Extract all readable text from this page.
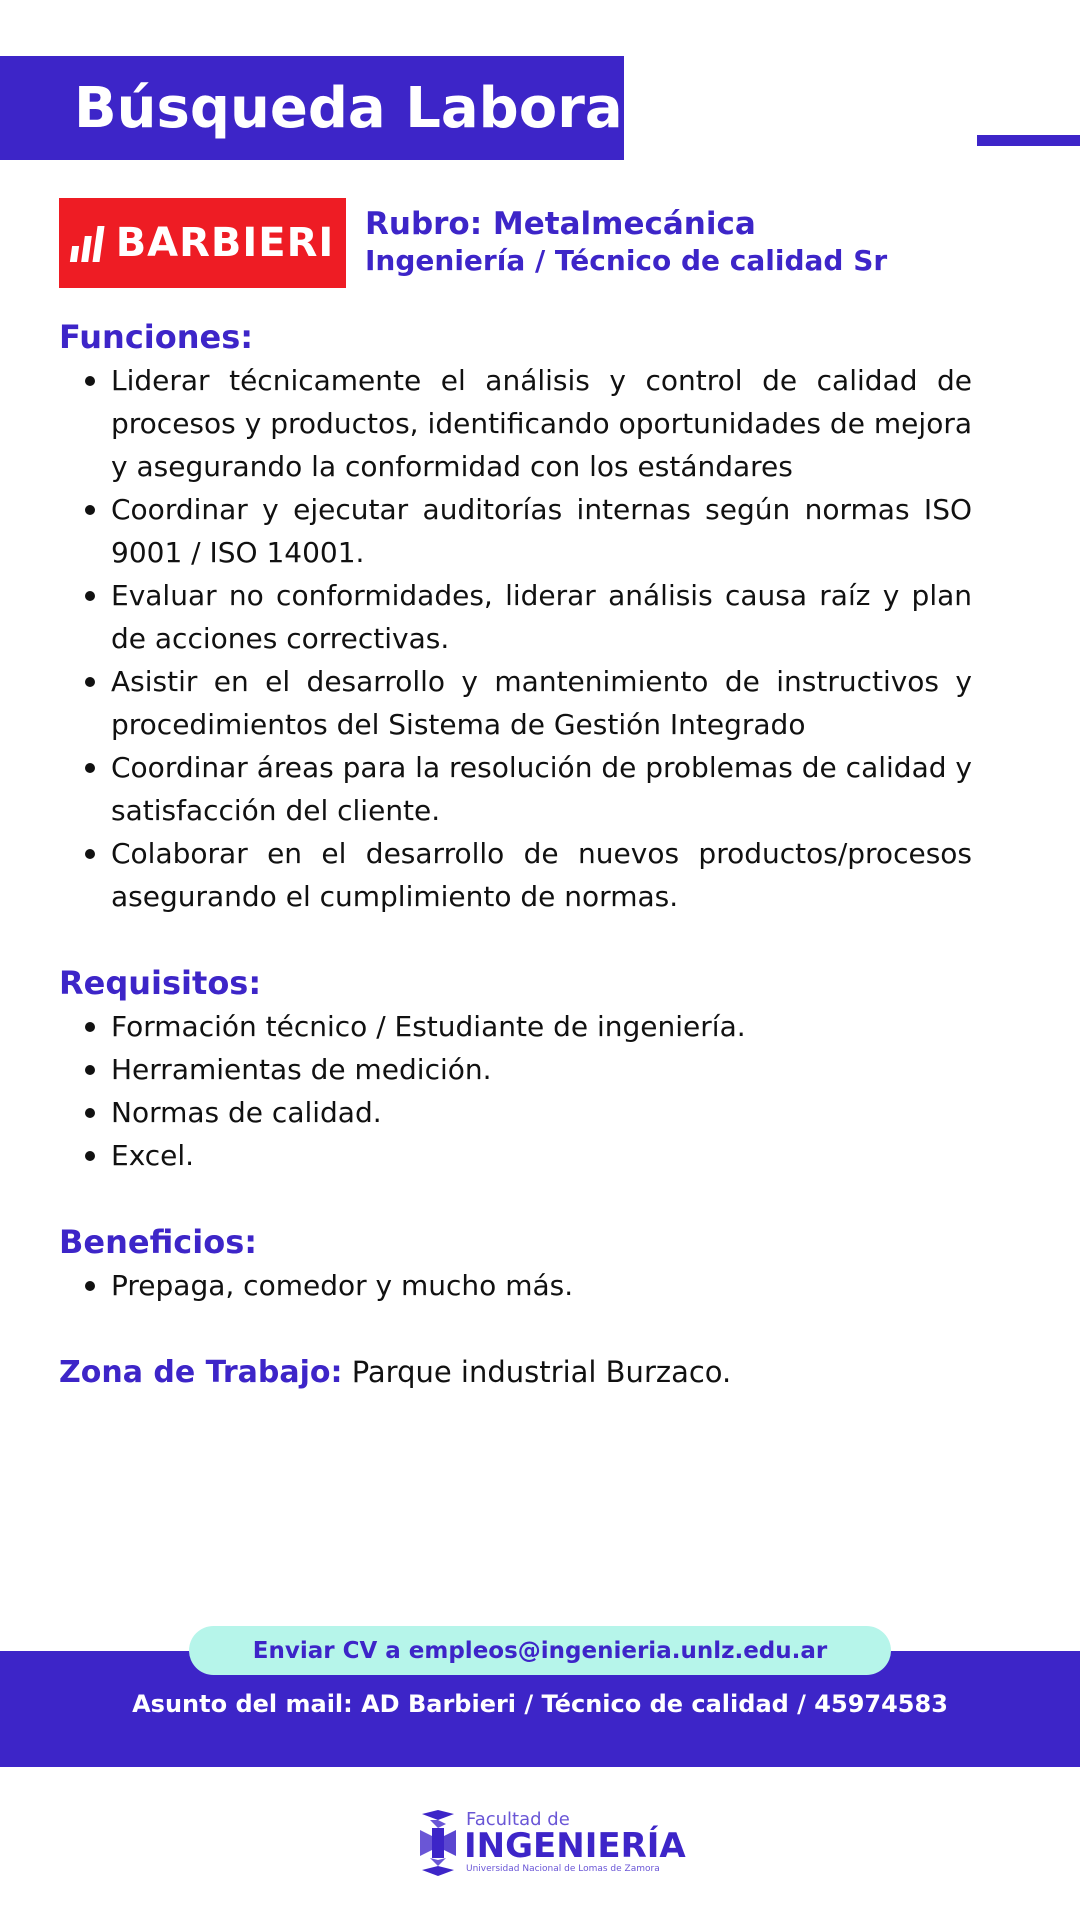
Búsqueda Laboral
BARBIERI Rubro: Metalmecánica
Ingeniería / Técnico de calidad Sr
Funciones:
Liderar técnicamente el análisis y control de calidad de procesos y productos, identificando oportunidades de mejora y asegurando la conformidad con los estándares
Coordinar y ejecutar auditorías internas según normas ISO 9001 / ISO 14001.
Evaluar no conformidades, liderar análisis causa raíz y plan de acciones correctivas.
Asistir en el desarrollo y mantenimiento de instructivos y procedimientos del Sistema de Gestión Integrado
Coordinar áreas para la resolución de problemas de calidad y satisfacción del cliente.
Colaborar en el desarrollo de nuevos productos/procesos asegurando el cumplimiento de normas.
Requisitos:
Formación técnico / Estudiante de ingeniería.
Herramientas de medición.
Normas de calidad.
Excel.
Beneficios:
Prepaga, comedor y mucho más.
Zona de Trabajo: Parque industrial Burzaco.
Enviar CV a empleos@ingenieria.unlz.edu.ar
Asunto del mail: AD Barbieri / Técnico de calidad / 45974583
Facultad de
INGENIERÍA
Universidad Nacional de Lomas de Zamora
